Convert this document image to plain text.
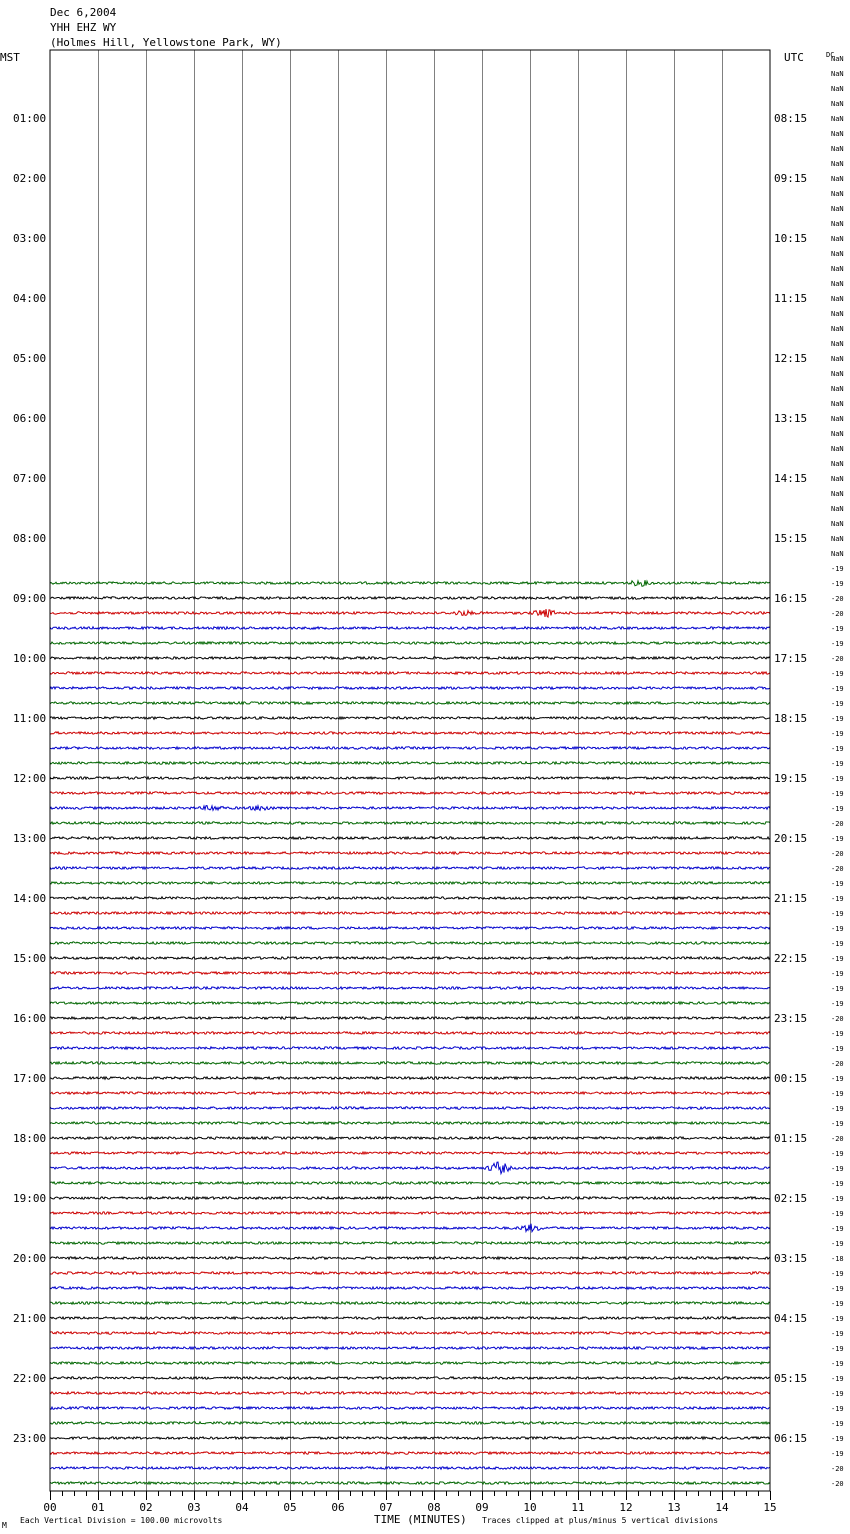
Dec 6,2004
YHH EHZ WY
(Holmes Hill, Yellowstone Park, WY)
MST	UTC	DC
01:00
02:00
03:00
04:00
05:00
06:00
07:00
08:00
09:00
10:00
11:00
12:00
13:00
14:00
15:00
16:00
17:00
18:00
19:00
20:00
21:00
22:00
23:00
08:15
09:15
10:15
11:15
12:15
13:15
14:15
15:15
16:15
17:15
18:15
19:15
20:15
21:15
22:15
23:15
00:15
01:15
02:15
03:15
04:15
05:15
06:15
NaN
NaN
NaN
NaN
NaN
NaN
NaN
NaN
NaN
NaN
NaN
NaN
NaN
NaN
NaN
NaN
NaN
NaN
NaN
NaN
NaN
NaN
NaN
NaN
NaN
NaN
NaN
NaN
NaN
NaN
NaN
NaN
NaN
NaN
-19
-19
-20
-20
-19
-19
-20
-19
-19
-19
-19
-19
-19
-19
-19
-19
-19
-20
-19
-20
-20
-19
-19
-19
-19
-19
-19
-19
-19
-19
-20
-19
-19
-20
-19
-19
-19
-19
-20
-19
-19
-19
-19
-19
-19
-19
-18
-19
-19
-19
-19
-19
-19
-19
-19
-19
-19
-19
-19
-19
-20
-20
00	01	02	03	04	05	06	07	08	09	10	11	12	13	14	15
TIME (MINUTES)
M
Each Vertical Division = 100.00 microvolts	Traces clipped at plus/minus 5 vertical divisions
